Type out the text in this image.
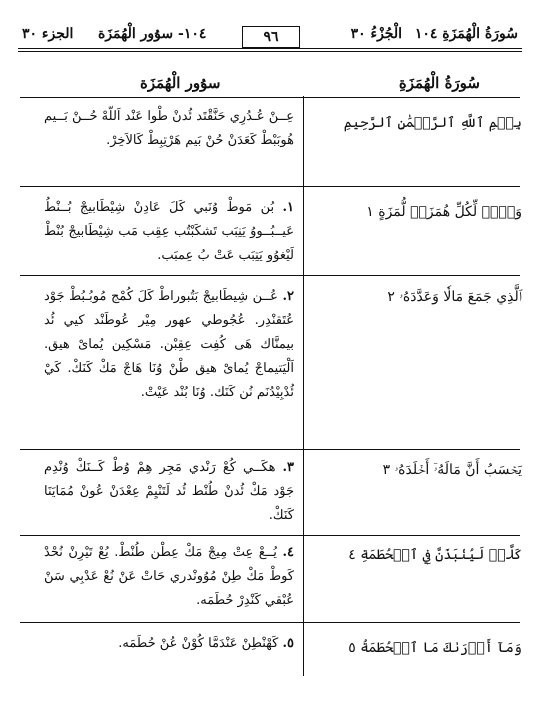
سُورَةُ الْهُمَزَةِ ١٠٤
الْجُزْءُ ٣٠
١٠٤- سۇور الْهُمَزَة
الجزء ٣٠	٩٦
سُورَةُ الْهُمَزَةِ
سۇور الْهُمَزَة
بِسۡمِ ٱللَّهِ ٱلرَّحۡمَٰنِ ٱلرَّحِيمِ
عِــنْ عُـدُرِي حَنَّقْتَد ئُدنْ طْوا عَنْد اَللّهْ حُــنْ بَــيم هُوبَبْطْ كَعَدَنْ حُنْ بَيم هَرْتِبِطْ كَالاَخِرْ.
وَيۡلٞ لِّكُلِّ هُمَزَةٖ لُّمَزَةٍ ١
١. بُن مَوطْ وُنَبي كَلَ عَادِنْ شِيْطَابيجْ بُــنْطُ عَيــبُــووُ يَنِبَب تَشكَبْتُب عِقِب مَب شِيْطَابيجْ بُنْطْ لَيْغوُو يَتِبَب عَتْ بُ عِمبَب.
ٱلَّذِي جَمَعَ مَالٗا وَعَدَّدَهُۥ ٢
٢. عُــن شِيطَابيجْ بَتُبوراطْ كَلَ كُمْج مُوبُـبُطْ جَوْد عُتَقنْدِر. عُجُوطي عهور مِيْر عُوطَنْد كيي ئُد بيمنَّاك هَى كُفِت عِقِبْن. مَسْكِين يُماىْ هيق. اَلْيَتيماجْ يُماىْ هيق طْنْ وُنَا هَاجْ مَكْ كَنَكْ. كَيْ ئُدْبِيْدُنَم نُن كَنَك. وُنَا بُنْد عَيْتْ.
يَحۡسَبُ أَنَّ مَالَهُۥٓ أَخۡلَدَهُۥ ٣
٣. هكَــي كُعْ رَنْدي مَجِر هِمْ وُطْ كَــنَكْ وُنْدِم جَوْد مَكْ ئُدنْ طُنْط ئُد لَتَنْيِمْ عِعْدَنْ عُونْ مُمَايَنَا كَنَكْ.
كَلَّاۖ لَيُنۢبَذَنَّ فِي ٱلۡحُطَمَةِ ٤
٤. يُــعْ عِتْ مِيجْ مَكْ عِطْن طُنْطْ. يُعْ تَيْرِنْ نُحْدْ كَوطْ مَكْ طِنْ مُوُونْدري حَاتْ عَنْ نُعْ عَدْبِي سَنْ عُبْقي كَنْدِرْ حُطَمَه.
وَمَآ أَدۡرَىٰكَ مَا ٱلۡحُطَمَةُ ٥
٥. كَهْنْطِنْ عَنْدَمَّا كُوْنْ عُنْ حُطَمَه.
